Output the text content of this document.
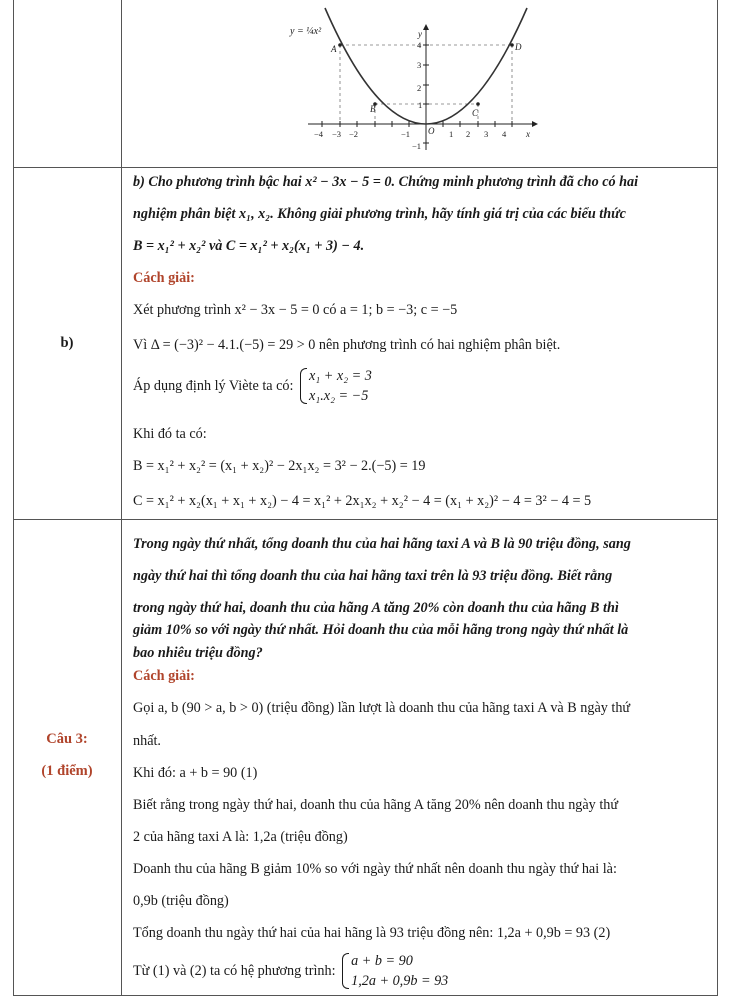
y = ¼x²	y
x
A
B	C
D
4
3
2
1
O
−1
−4 −3 −2	−1	1 2 3 4
b)
b) Cho phương trình bậc hai x² − 3x − 5 = 0. Chứng minh phương trình đã cho có hai
nghiệm phân biệt x₁, x₂. Không giải phương trình, hãy tính giá trị của các biểu thức
B = x₁² + x₂² và C = x₁² + x₂(x₁ + 3) − 4.
Cách giải:
Xét phương trình x² − 3x − 5 = 0 có a = 1; b = −3; c = −5
Vì Δ = (−3)² − 4.1.(−5) = 29 > 0 nên phương trình có hai nghiệm phân biệt.
Áp dụng định lý Viète ta có:
x₁ + x₂ = 3
x₁.x₂ = −5
Khi đó ta có:
B = x₁² + x₂² = (x₁ + x₂)² − 2x₁x₂ = 3² − 2.(−5) = 19
C = x₁² + x₂(x₁ + x₁ + x₂) − 4 = x₁² + 2x₁x₂ + x₂² − 4 = (x₁ + x₂)² − 4 = 3² − 4 = 5
Câu 3:
(1 điểm)
Trong ngày thứ nhất, tổng doanh thu của hai hãng taxi A và B là 90 triệu đồng, sang
ngày thứ hai thì tổng doanh thu của hai hãng taxi trên là 93 triệu đồng. Biết rằng
trong ngày thứ hai, doanh thu của hãng A tăng 20% còn doanh thu của hãng B thì
giảm 10% so với ngày thứ nhất. Hỏi doanh thu của mỗi hãng trong ngày thứ nhất là
bao nhiêu triệu đồng?
Cách giải:
Gọi a, b (90 > a, b > 0) (triệu đồng) lần lượt là doanh thu của hãng taxi A và B ngày thứ
nhất.
Khi đó: a + b = 90 (1)
Biết rằng trong ngày thứ hai, doanh thu của hãng A tăng 20% nên doanh thu ngày thứ
2 của hãng taxi A là: 1,2a (triệu đồng)
Doanh thu của hãng B giảm 10% so với ngày thứ nhất nên doanh thu ngày thứ hai là:
0,9b (triệu đồng)
Tổng doanh thu ngày thứ hai của hai hãng là 93 triệu đồng nên: 1,2a + 0,9b = 93 (2)
Từ (1) và (2) ta có hệ phương trình:
a + b = 90
1,2a + 0,9b = 93
